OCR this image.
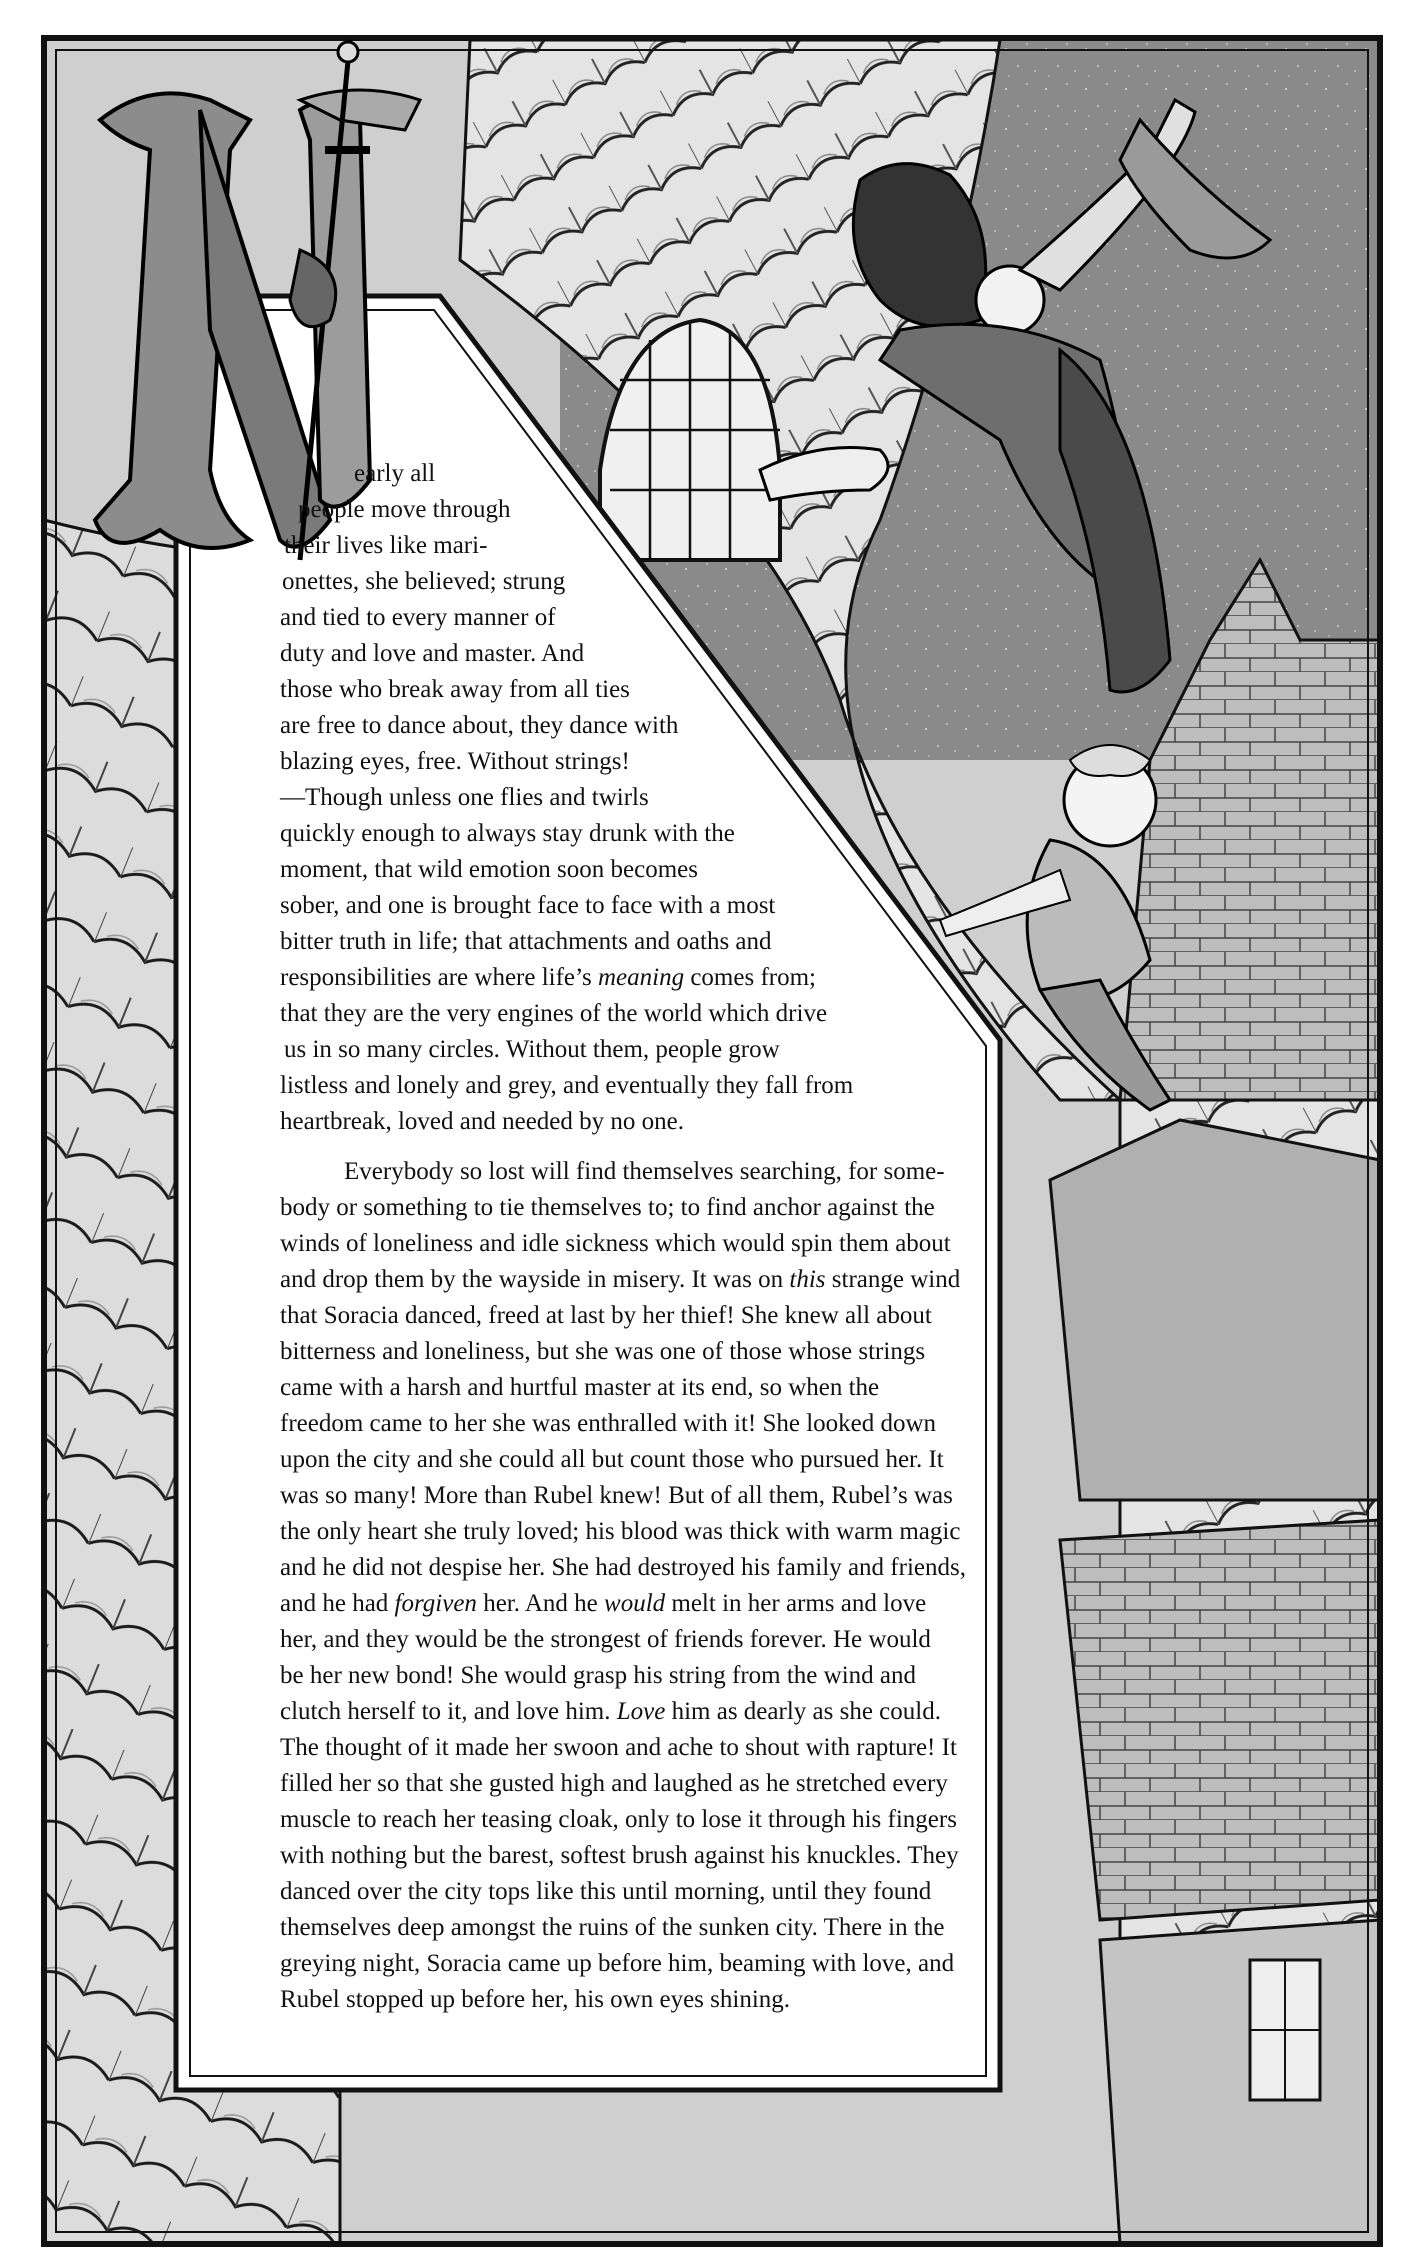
early all
people move through
their lives like mari-
onettes, she believed; strung
and tied to every manner of
duty and love and master. And
those who break away from all ties
are free to dance about, they dance with
blazing eyes, free. Without strings!
—Though unless one flies and twirls
quickly enough to always stay drunk with the
moment, that wild emotion soon becomes
sober, and one is brought face to face with a most
bitter truth in life; that attachments and oaths and
responsibilities are where life’s meaning comes from;
that they are the very engines of the world which drive
us in so many circles. Without them, people grow
listless and lonely and grey, and eventually they fall from
heartbreak, loved and needed by no one.
Everybody so lost will find themselves searching, for some-
body or something to tie themselves to; to find anchor against the
winds of loneliness and idle sickness which would spin them about
and drop them by the wayside in misery. It was on this strange wind
that Soracia danced, freed at last by her thief! She knew all about
bitterness and loneliness, but she was one of those whose strings
came with a harsh and hurtful master at its end, so when the
freedom came to her she was enthralled with it! She looked down
upon the city and she could all but count those who pursued her. It
was so many! More than Rubel knew! But of all them, Rubel’s was
the only heart she truly loved; his blood was thick with warm magic
and he did not despise her. She had destroyed his family and friends,
and he had forgiven her. And he would melt in her arms and love
her, and they would be the strongest of friends forever. He would
be her new bond! She would grasp his string from the wind and
clutch herself to it, and love him. Love him as dearly as she could.
The thought of it made her swoon and ache to shout with rapture! It
filled her so that she gusted high and laughed as he stretched every
muscle to reach her teasing cloak, only to lose it through his fingers
with nothing but the barest, softest brush against his knuckles. They
danced over the city tops like this until morning, until they found
themselves deep amongst the ruins of the sunken city. There in the
greying night, Soracia came up before him, beaming with love, and
Rubel stopped up before her, his own eyes shining.
